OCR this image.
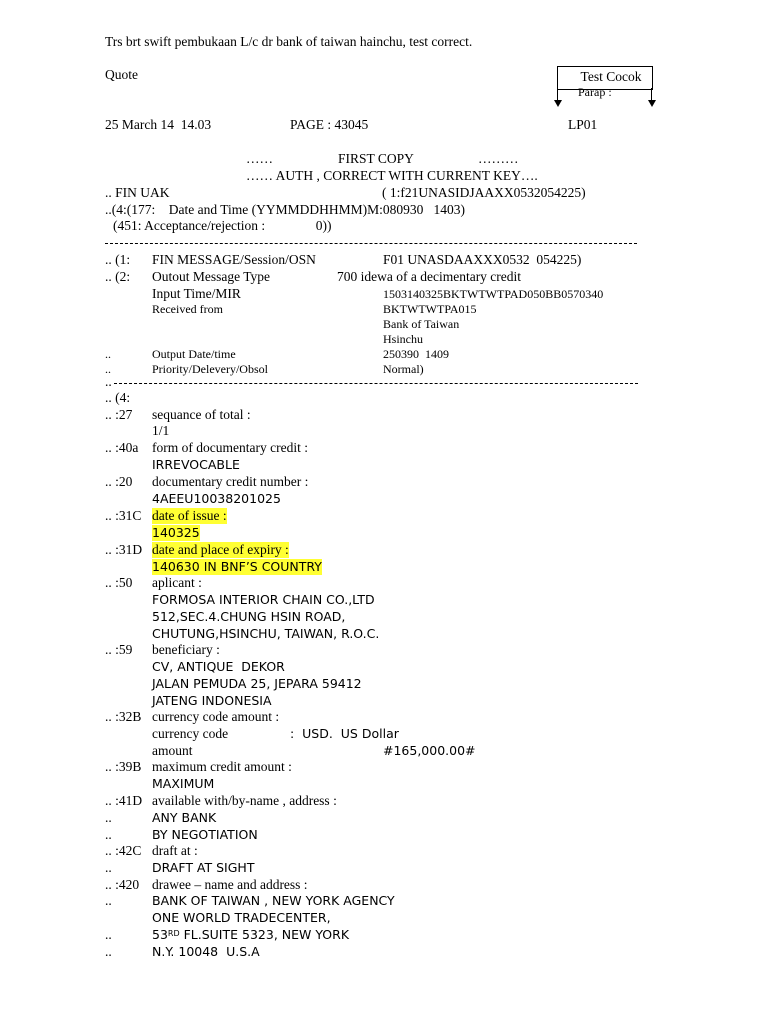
Trs brt swift pembukaan L/c dr bank of taiwan hainchu, test correct.
Quote	Test Cocok
Parap :
25 March 14  14.03	PAGE : 43045	LP01
……	FIRST COPY	………
…… AUTH , CORRECT WITH CURRENT KEY….
.. FIN UAK	( 1:f21UNASIDJAAXX0532054225)
..(4:(177:    Date and Time (YYMMDDHHMM)M:080930   1403)
(451: Acceptance/rejection :               0))
.. (1: FIN MESSAGE/Session/OSN	F01 UNASDAAXXX0532  054225)
.. (2: Outout Message Type	700 idewa of a decimentary credit
Input Time/MIR	1503140325BKTWTWTPAD050BB0570340
Received from	BKTWTWTPA015
Bank of Taiwan
Hsinchu
..	Output Date/time	250390  1409
..	Priority/Delevery/Obsol	Normal)
..
.. (4:
.. :27 sequance of total :
1/1
.. :40a form of documentary credit :
IRREVOCABLE
.. :20 documentary credit number :
4AEEU10038201025
.. :31C date of issue :
140325
.. :31D date and place of expiry :
140630 IN BNF’S COUNTRY
.. :50 aplicant :
FORMOSA INTERIOR CHAIN CO.,LTD
512,SEC.4.CHUNG HSIN ROAD,
CHUTUNG,HSINCHU, TAIWAN, R.O.C.
.. :59 beneficiary :
CV, ANTIQUE  DEKOR
JALAN PEMUDA 25, JEPARA 59412
JATENG INDONESIA
.. :32B currency code amount :
currency code	:  USD.  US Dollar
amount	#165,000.00#
.. :39B maximum credit amount :
MAXIMUM
.. :41D available with/by-name , address :
..	ANY BANK
..	BY NEGOTIATION
.. :42C draft at :
..	DRAFT AT SIGHT
.. :420 drawee – name and address :
..	BANK OF TAIWAN , NEW YORK AGENCY
ONE WORLD TRADECENTER,
..	53RD FL.SUITE 5323, NEW YORK
..	N.Y. 10048  U.S.A
